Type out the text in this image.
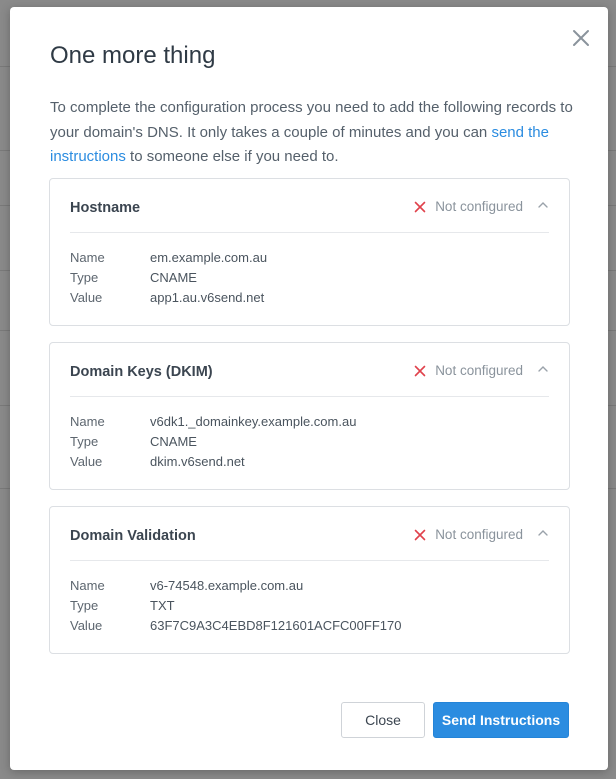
One more thing

To complete the configuration process you need to add the following records to your domain's DNS. It only takes a couple of minutes and you can send the instructions to someone else if you need to.

Hostname	Not configured
Name	em.example.com.au
Type	CNAME
Value	app1.au.v6send.net
Domain Keys (DKIM)	Not configured
Name	v6dk1._domainkey.example.com.au
Type	CNAME
Value	dkim.v6send.net
Domain Validation	Not configured
Name	v6-74548.example.com.au
Type	TXT
Value	63F7C9A3C4EBD8F121601ACFC00FF170
Close	Send Instructions
